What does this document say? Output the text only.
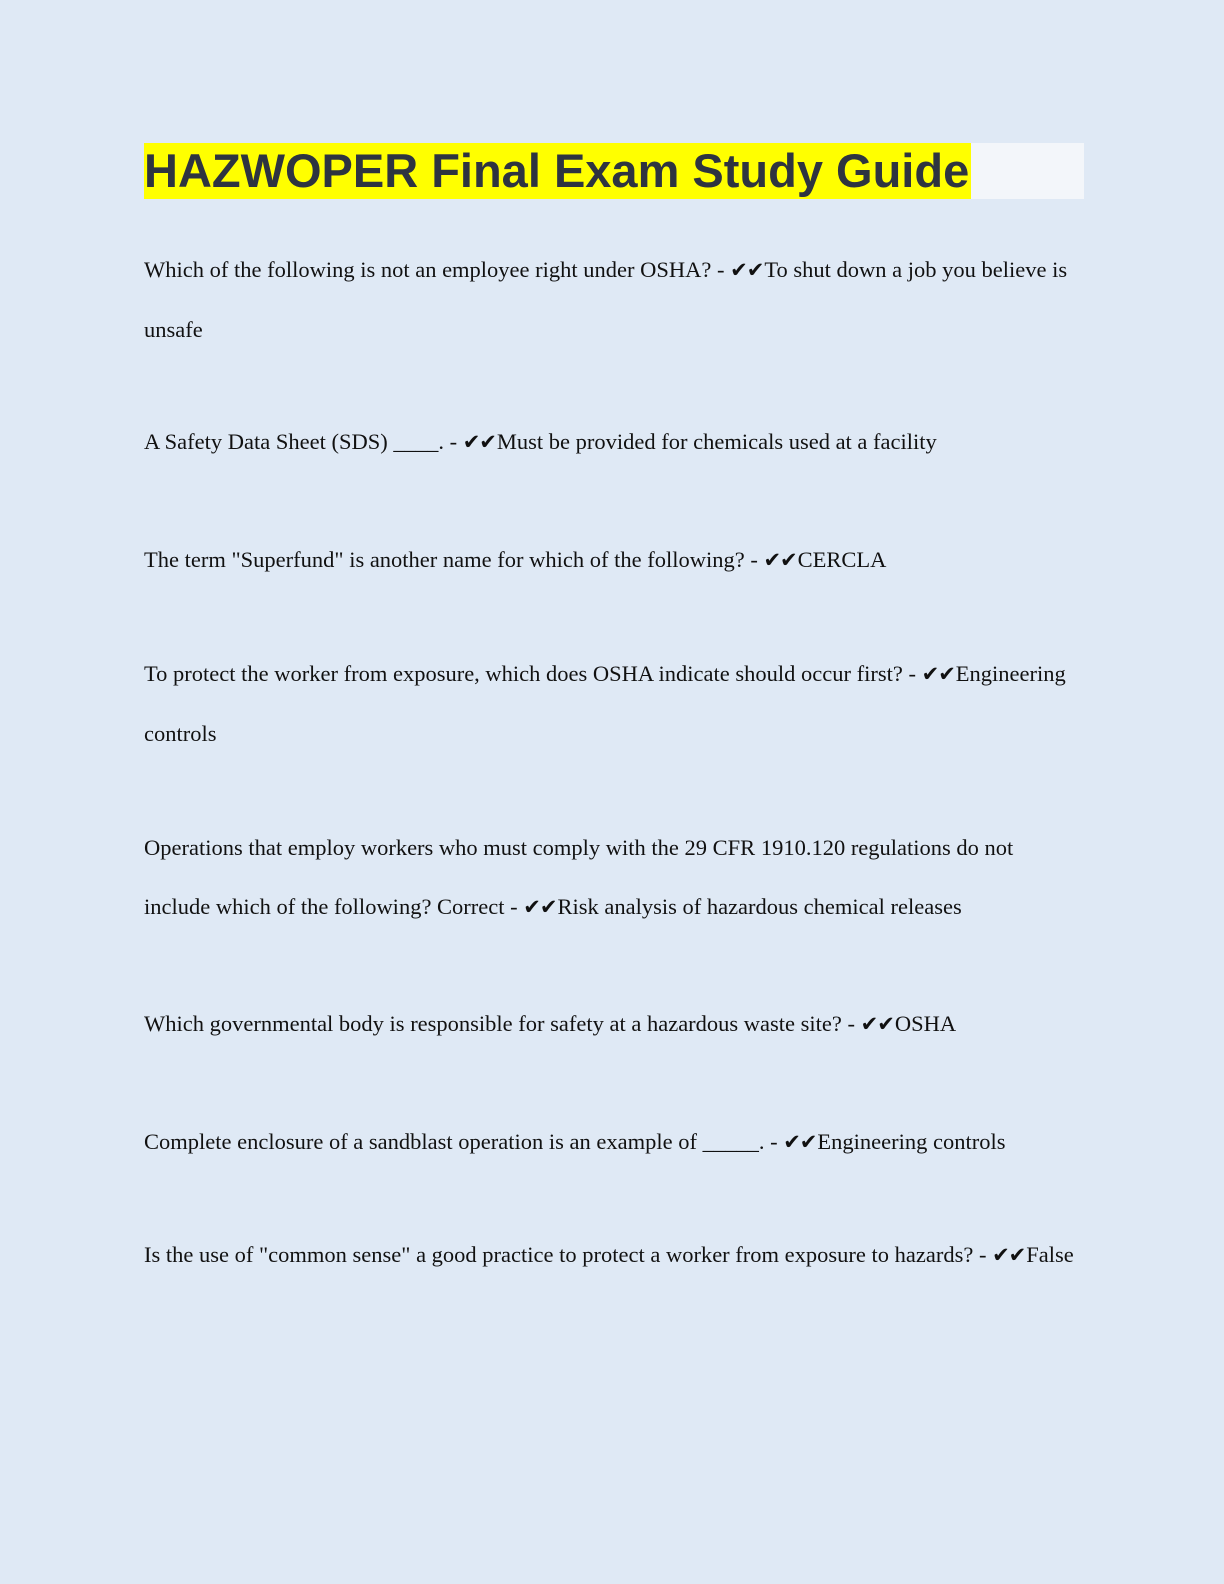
HAZWOPER Final Exam Study Guide
Which of the following is not an employee right under OSHA? - ✔✔To shut down a job you believe is unsafe
A Safety Data Sheet (SDS) ____. - ✔✔Must be provided for chemicals used at a facility
The term "Superfund" is another name for which of the following? - ✔✔CERCLA
To protect the worker from exposure, which does OSHA indicate should occur first? - ✔✔Engineering controls
Operations that employ workers who must comply with the 29 CFR 1910.120 regulations do not include which of the following? Correct - ✔✔Risk analysis of hazardous chemical releases
Which governmental body is responsible for safety at a hazardous waste site? - ✔✔OSHA
Complete enclosure of a sandblast operation is an example of _____. - ✔✔Engineering controls
Is the use of "common sense" a good practice to protect a worker from exposure to hazards? - ✔✔False
